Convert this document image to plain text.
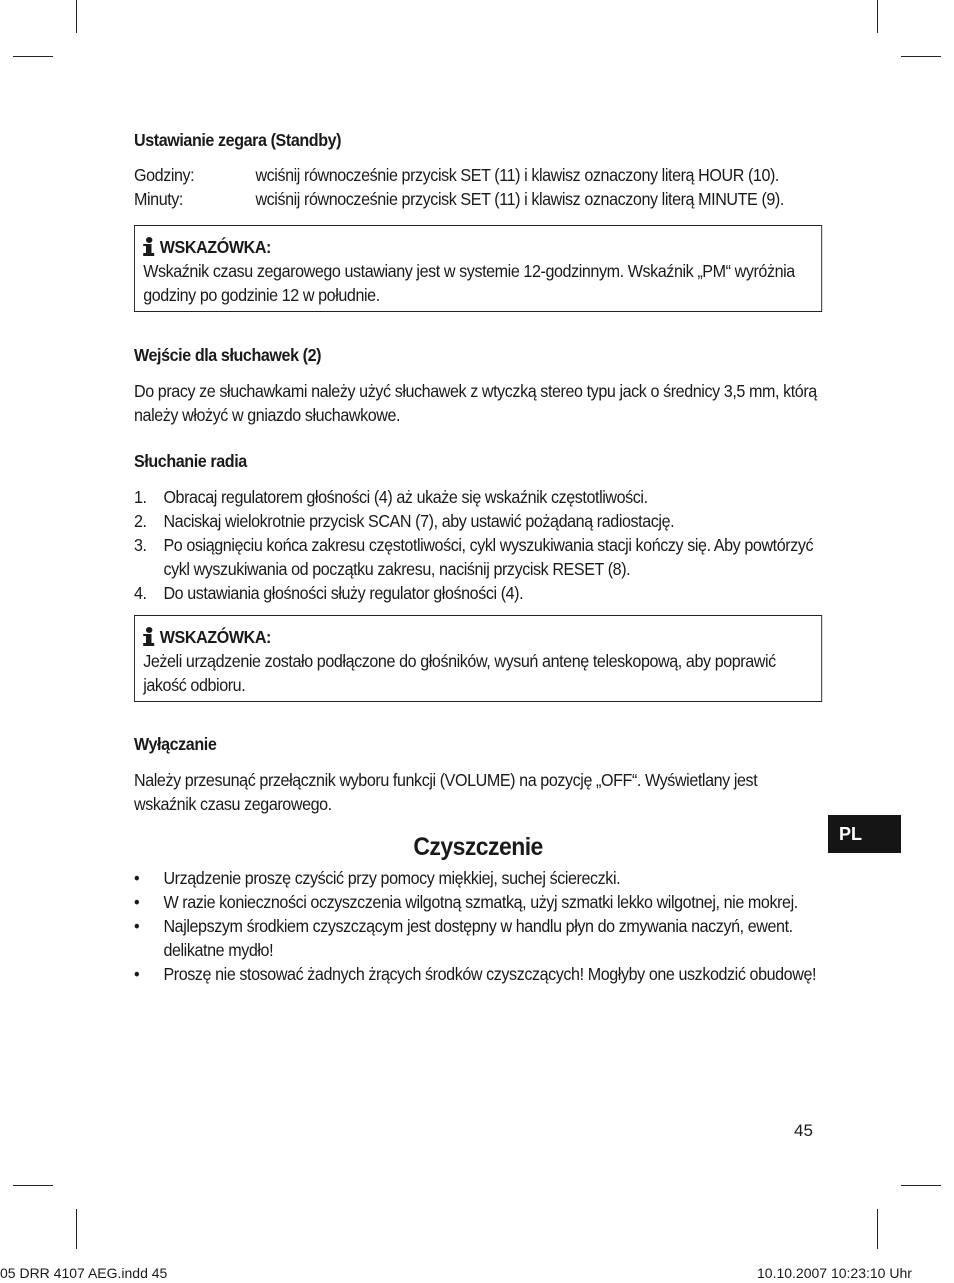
Ustawianie zegara (Standby)

Godziny:	wciśnij równocześnie przycisk SET (11) i klawisz oznaczony literą HOUR (10).
Minuty:	wciśnij równocześnie przycisk SET (11) i klawisz oznaczony literą MINUTE (9).
WSKAZÓWKA:

Wskaźnik czasu zegarowego ustawiany jest w systemie 12-godzinnym. Wskaźnik „PM“ wyróżnia godziny po godzinie 12 w południe.

Wejście dla słuchawek (2)

Do pracy ze słuchawkami należy użyć słuchawek z wtyczką stereo typu jack o średnicy 3,5 mm, którą należy włożyć w gniazdo słuchawkowe.

Słuchanie radia

1. Obracaj regulatorem głośności (4) aż ukaże się wskaźnik częstotliwości.
2. Naciskaj wielokrotnie przycisk SCAN (7), aby ustawić pożądaną radiostację.
3. Po osiągnięciu końca zakresu częstotliwości, cykl wyszukiwania stacji kończy się. Aby powtórzyć cykl wyszukiwania od początku zakresu, naciśnij przycisk RESET (8).
4. Do ustawiania głośności służy regulator głośności (4).
WSKAZÓWKA:

Jeżeli urządzenie zostało podłączone do głośników, wysuń antenę teleskopową, aby poprawić jakość odbioru.

Wyłączanie

Należy przesunąć przełącznik wyboru funkcji (VOLUME) na pozycję „OFF“. Wyświetlany jest wskaźnik czasu zegarowego.

Czyszczenie

•	Urządzenie proszę czyścić przy pomocy miękkiej, suchej ściereczki.
•	W razie konieczności oczyszczenia wilgotną szmatką, użyj szmatki lekko wilgotnej, nie mokrej.
•	Najlepszym środkiem czyszczącym jest dostępny w handlu płyn do zmywania naczyń, ewent. delikatne mydło!
•	Proszę nie stosować żadnych żrących środków czyszczących! Mogłyby one uszkodzić obudowę!
PL
45
05 DRR 4107 AEG.indd 45	10.10.2007 10:23:10 Uhr
